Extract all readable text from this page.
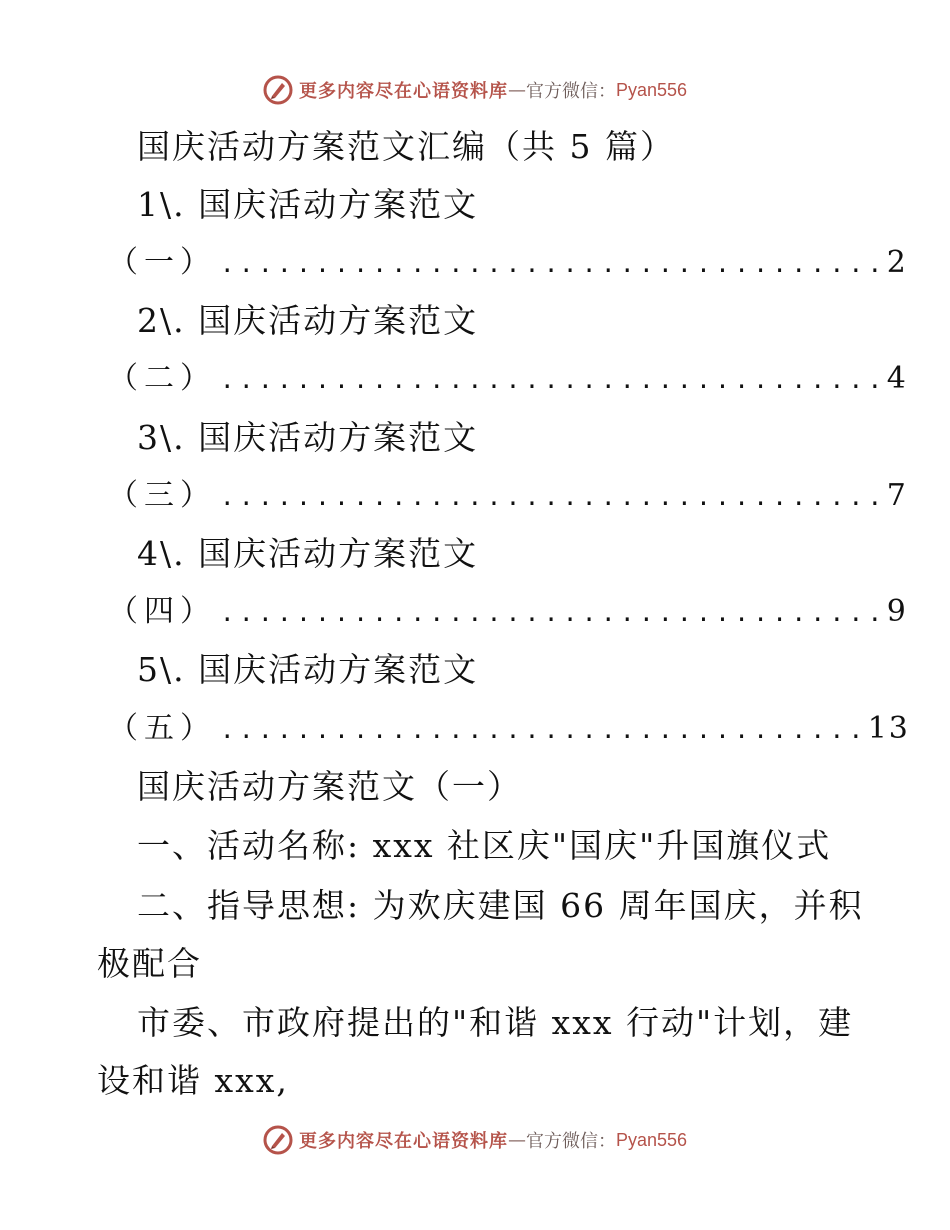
更多内容尽在心语资料库 — 官方微信： Pyan556
国庆活动方案范文汇编（共 5 篇）
1\. 国庆活动方案范文
（一） ................................... 2
2\. 国庆活动方案范文
（二） ................................... 4
3\. 国庆活动方案范文
（三） ................................... 7
4\. 国庆活动方案范文
（四） ................................... 9
5\. 国庆活动方案范文
（五） .................................. 13
国庆活动方案范文（一）
一、活动名称: xxx 社区庆"国庆"升国旗仪式
二、指导思想: 为欢庆建国 66 周年国庆，并积
极配合
市委、市政府提出的"和谐 xxx 行动"计划，建
设和谐 xxx,
更多内容尽在心语资料库 — 官方微信： Pyan556
